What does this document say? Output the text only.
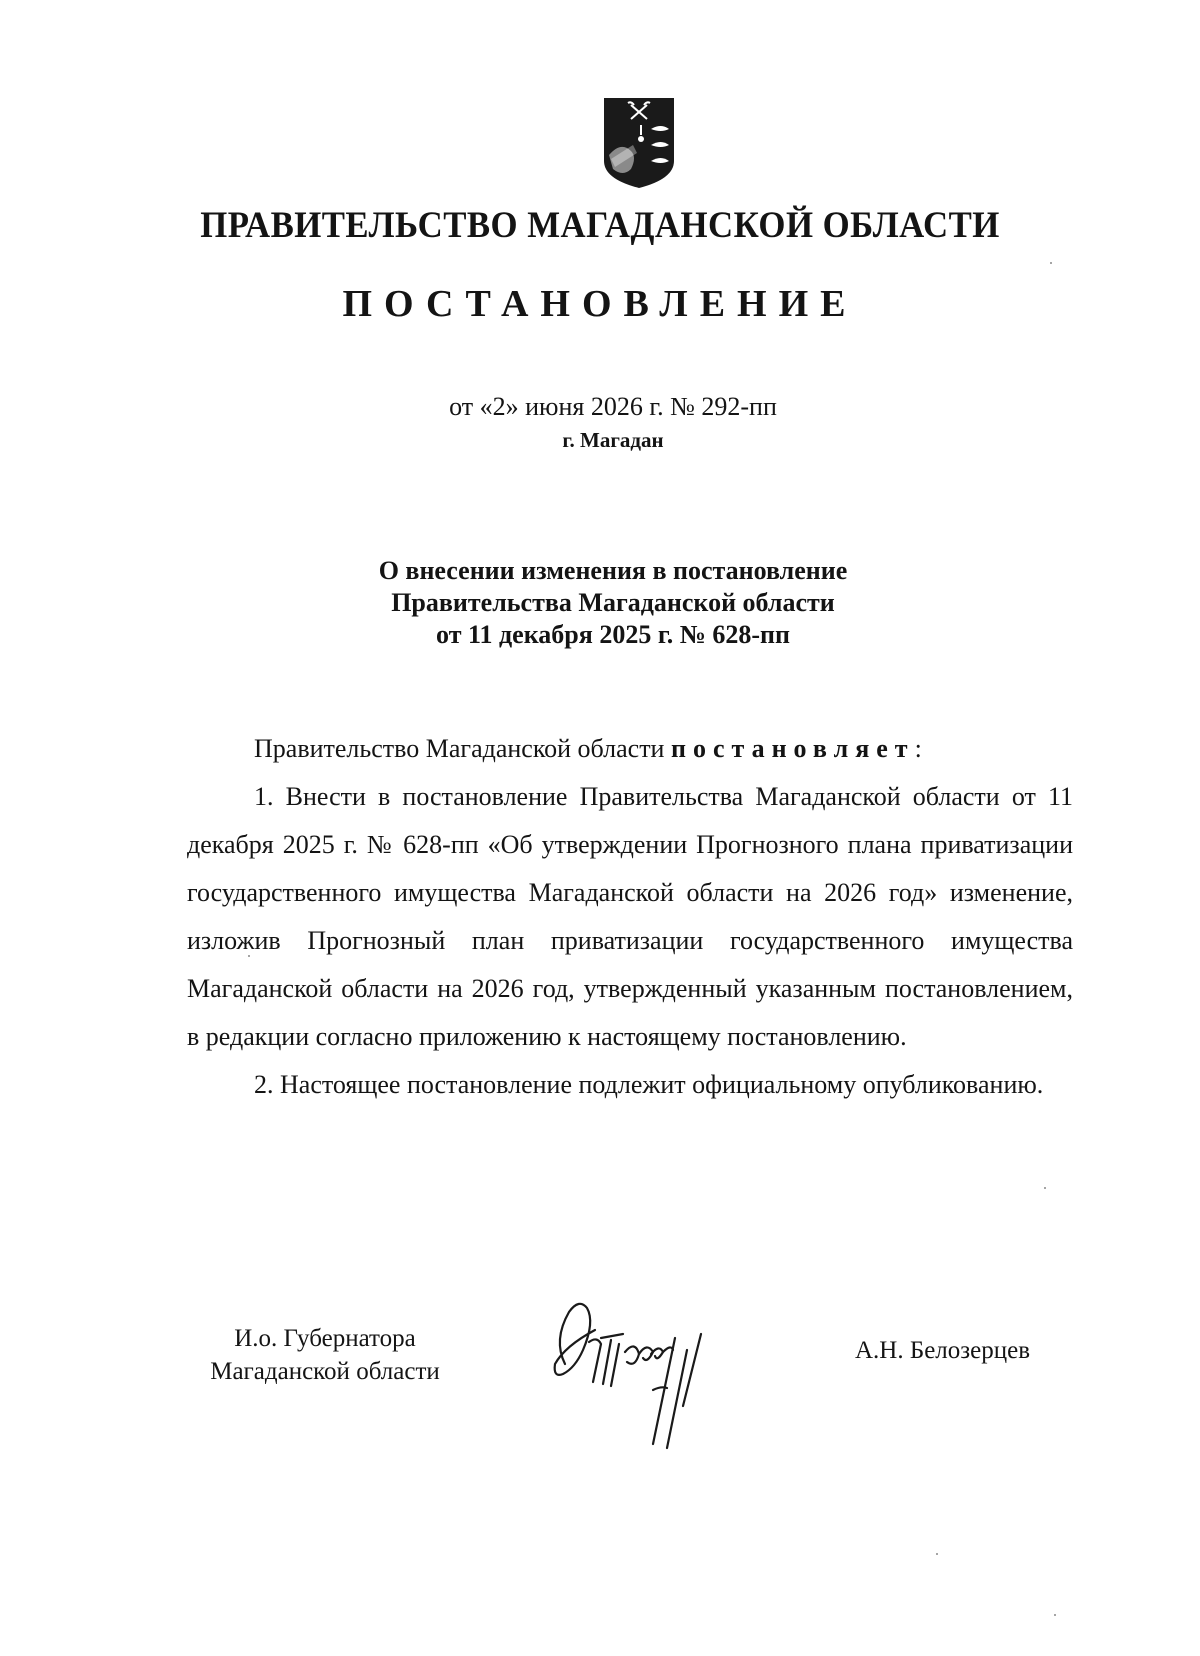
ПРАВИТЕЛЬСТВО МАГАДАНСКОЙ ОБЛАСТИ
ПОСТАНОВЛЕНИЕ
от «2» июня 2026 г. № 292-пп
г. Магадан
О внесении изменения в постановление
Правительства Магаданской области
от 11 декабря 2025 г. № 628-пп
Правительство Магаданской области постановляет:
1. Внести в постановление Правительства Магаданской области от 11 декабря 2025 г. № 628-пп «Об утверждении Прогнозного плана приватизации государственного имущества Магаданской области на 2026 год» изменение, изложив Прогнозный план приватизации государственного имущества Магаданской области на 2026 год, утвержденный указанным постановлением, в редакции согласно приложению к настоящему постановлению.
2. Настоящее постановление подлежит официальному опубликованию.
И.о. Губернатора
Магаданской области
А.Н. Белозерцев
